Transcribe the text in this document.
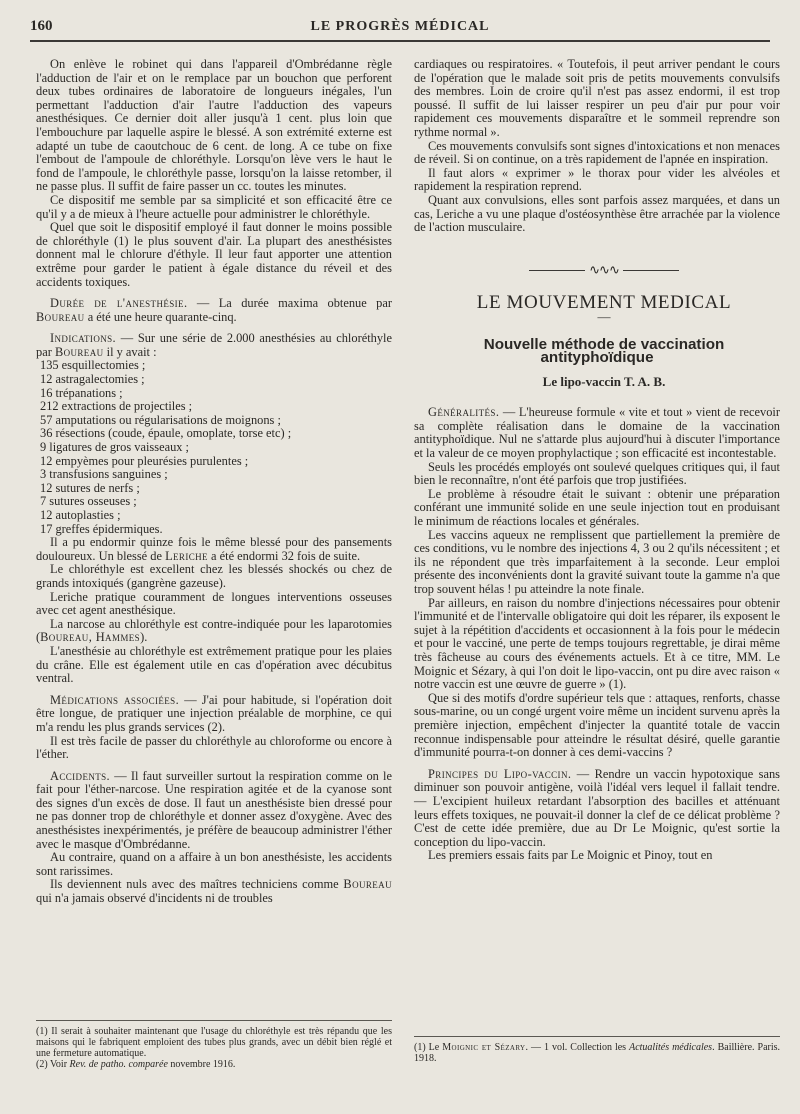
160	LE PROGRÈS MÉDICAL

On enlève le robinet qui dans l'appareil d'Ombrédanne règle l'adduction de l'air et on le remplace par un bouchon que perforent deux tubes ordinaires de laboratoire de longueurs inégales, l'un permettant l'adduction d'air l'autre l'adduction des vapeurs anesthésiques. Ce dernier doit aller jusqu'à 1 cent. plus loin que l'embouchure par laquelle aspire le blessé. A son extrémité externe est adapté un tube de caoutchouc de 6 cent. de long. A ce tube on fixe l'embout de l'ampoule de chloréthyle. Lorsqu'on lève vers le haut le fond de l'ampoule, le chloréthyle passe, lorsqu'on la laisse retomber, il ne passe plus. Il suffit de faire passer un cc. toutes les minutes.

Ce dispositif me semble par sa simplicité et son efficacité être ce qu'il y a de mieux à l'heure actuelle pour administrer le chloréthyle.

Quel que soit le dispositif employé il faut donner le moins possible de chloréthyle (1) le plus souvent d'air. La plupart des anesthésistes donnent mal le chlorure d'éthyle. Il leur faut apporter une attention extrême pour garder le patient à égale distance du réveil et des accidents toxiques.

Durée de l'anesthésie. — La durée maxima obtenue par Boureau a été une heure quarante-cinq.

Indications. — Sur une série de 2.000 anesthésies au chloréthyle par Boureau il y avait :

135 esquillectomies ;
12 astragalectomies ;
16 trépanations ;
212 extractions de projectiles ;
57 amputations ou régularisations de moignons ;
36 résections (coude, épaule, omoplate, torse etc) ;
9 ligatures de gros vaisseaux ;
12 empyèmes pour pleurésies purulentes ;
3 transfusions sanguines ;
12 sutures de nerfs ;
7 sutures osseuses ;
12 autoplasties ;
17 greffes épidermiques.

Il a pu endormir quinze fois le même blessé pour des pansements douloureux. Un blessé de Leriche a été endormi 32 fois de suite.

Le chloréthyle est excellent chez les blessés shockés ou chez de grands intoxiqués (gangrène gazeuse).

Leriche pratique couramment de longues interventions osseuses avec cet agent anesthésique.

La narcose au chloréthyle est contre-indiquée pour les laparotomies (Boureau, Hammes).

L'anesthésie au chloréthyle est extrêmement pratique pour les plaies du crâne. Elle est également utile en cas d'opération avec décubitus ventral.

Médications associées. — J'ai pour habitude, si l'opération doit être longue, de pratiquer une injection préalable de morphine, ce qui m'a rendu les plus grands services (2).

Il est très facile de passer du chloréthyle au chloroforme ou encore à l'éther.

Accidents. — Il faut surveiller surtout la respiration comme on le fait pour l'éther-narcose. Une respiration agitée et de la cyanose sont des signes d'un excès de dose. Il faut un anesthésiste bien dressé pour ne pas donner trop de chloréthyle et donner assez d'oxygène. Avec des anesthésistes inexpérimentés, je préfère de beaucoup administrer l'éther avec le masque d'Ombrédanne.

Au contraire, quand on a affaire à un bon anesthésiste, les accidents sont rarissimes.

Ils deviennent nuls avec des maîtres techniciens comme Boureau qui n'a jamais observé d'incidents ni de troubles

(1) Il serait à souhaiter maintenant que l'usage du chloréthyle est très répandu que les maisons qui le fabriquent emploient des tubes plus grands, avec un débit bien réglé et une fermeture automatique.

(2) Voir Rev. de patho. comparée novembre 1916.

cardiaques ou respiratoires. « Toutefois, il peut arriver pendant le cours de l'opération que le malade soit pris de petits mouvements convulsifs des membres. Loin de croire qu'il n'est pas assez endormi, il est trop poussé. Il suffit de lui laisser respirer un peu d'air pur pour voir rapidement ces mouvements disparaître et le sommeil reprendre son rythme normal ».

Ces mouvements convulsifs sont signes d'intoxications et non menaces de réveil. Si on continue, on a très rapidement de l'apnée en inspiration.

Il faut alors « exprimer » le thorax pour vider les alvéoles et rapidement la respiration reprend.

Quant aux convulsions, elles sont parfois assez marquées, et dans un cas, Leriche a vu une plaque d'ostéosynthèse être arrachée par la violence de l'action musculaire.

∿∿∿

LE MOUVEMENT MEDICAL

—

Nouvelle méthode de vaccination antityphoïdique

Le lipo-vaccin T. A. B.

Généralités. — L'heureuse formule « vite et tout » vient de recevoir sa complète réalisation dans le domaine de la vaccination antityphoïdique. Nul ne s'attarde plus aujourd'hui à discuter l'importance et la valeur de ce moyen prophylactique ; son efficacité est incontestable.

Seuls les procédés employés ont soulevé quelques critiques qui, il faut bien le reconnaître, n'ont été parfois que trop justifiées.

Le problème à résoudre était le suivant : obtenir une préparation conférant une immunité solide en une seule injection tout en produisant le minimum de réactions locales et générales.

Les vaccins aqueux ne remplissent que partiellement la première de ces conditions, vu le nombre des injections 4, 3 ou 2 qu'ils nécessitent ; et ils ne répondent que très imparfaitement à la seconde. Leur emploi présente des inconvénients dont la gravité suivant toute la gamme n'a que trop souvent hélas ! pu atteindre la note finale.

Par ailleurs, en raison du nombre d'injections nécessaires pour obtenir l'immunité et de l'intervalle obligatoire qui doit les réparer, ils exposent le sujet à la répétition d'accidents et occasionnent à la fois pour le médecin et pour le vacciné, une perte de temps toujours regrettable, je dirai même très fâcheuse au cours des événements actuels. Et à ce titre, MM. Le Moignic et Sézary, à qui l'on doit le lipo-vaccin, ont pu dire avec raison « notre vaccin est une œuvre de guerre » (1).

Que si des motifs d'ordre supérieur tels que : attaques, renforts, chasse sous-marine, ou un congé urgent voire même un incident survenu après la première injection, empêchent d'injecter la quantité totale de vaccin reconnue indispensable pour atteindre le résultat désiré, quelle garantie d'immunité pourra-t-on donner à ces demi-vaccins ?

Principes du Lipo-vaccin. — Rendre un vaccin hypotoxique sans diminuer son pouvoir antigène, voilà l'idéal vers lequel il fallait tendre. — L'excipient huileux retardant l'absorption des bacilles et atténuant leurs effets toxiques, ne pouvait-il donner la clef de ce délicat problème ? C'est de cette idée première, due au Dr Le Moignic, qu'est sortie la conception du lipo-vaccin.

Les premiers essais faits par Le Moignic et Pinoy, tout en

(1) Le Moignic et Sézary. — 1 vol. Collection les Actualités médicales. Baillière. Paris. 1918.
